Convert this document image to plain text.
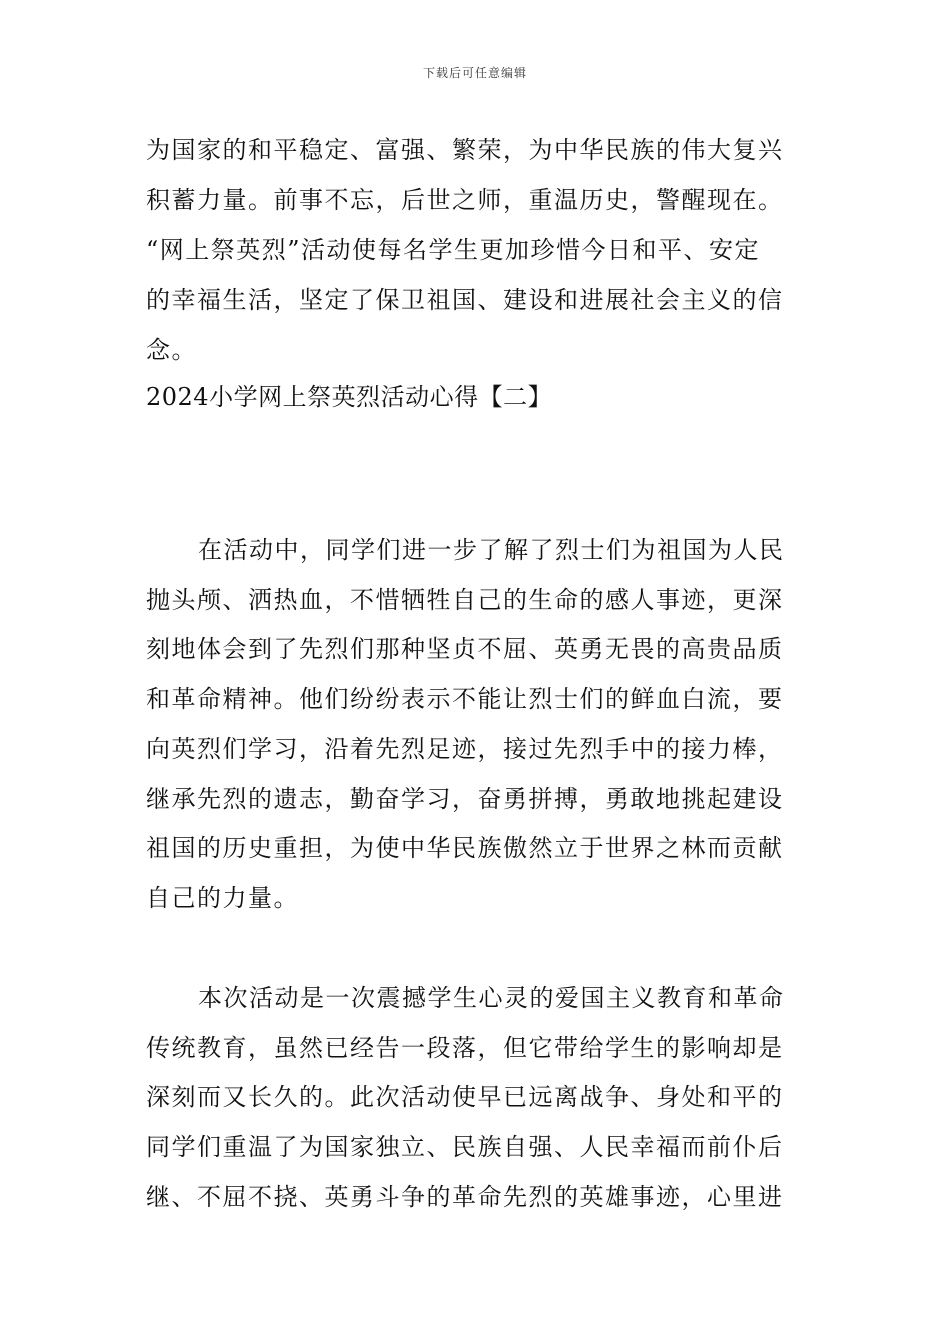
下载后可任意编辑
为国家的和平稳定、富强、繁荣，为中华民族的伟大复兴
积蓄力量。前事不忘，后世之师，重温历史，警醒现在。
“网上祭英烈”活动使每名学生更加珍惜今日和平、安定
的幸福生活，坚定了保卫祖国、建设和进展社会主义的信
念。
2024小学网上祭英烈活动心得【二】
在活动中，同学们进一步了解了烈士们为祖国为人民
抛头颅、洒热血，不惜牺牲自己的生命的感人事迹，更深
刻地体会到了先烈们那种坚贞不屈、英勇无畏的高贵品质
和革命精神。他们纷纷表示不能让烈士们的鲜血白流，要
向英烈们学习，沿着先烈足迹，接过先烈手中的接力棒，
继承先烈的遗志，勤奋学习，奋勇拼搏，勇敢地挑起建设
祖国的历史重担，为使中华民族傲然立于世界之林而贡献
自己的力量。
本次活动是一次震撼学生心灵的爱国主义教育和革命
传统教育，虽然已经告一段落，但它带给学生的影响却是
深刻而又长久的。此次活动使早已远离战争、身处和平的
同学们重温了为国家独立、民族自强、人民幸福而前仆后
继、不屈不挠、英勇斗争的革命先烈的英雄事迹，心里进
